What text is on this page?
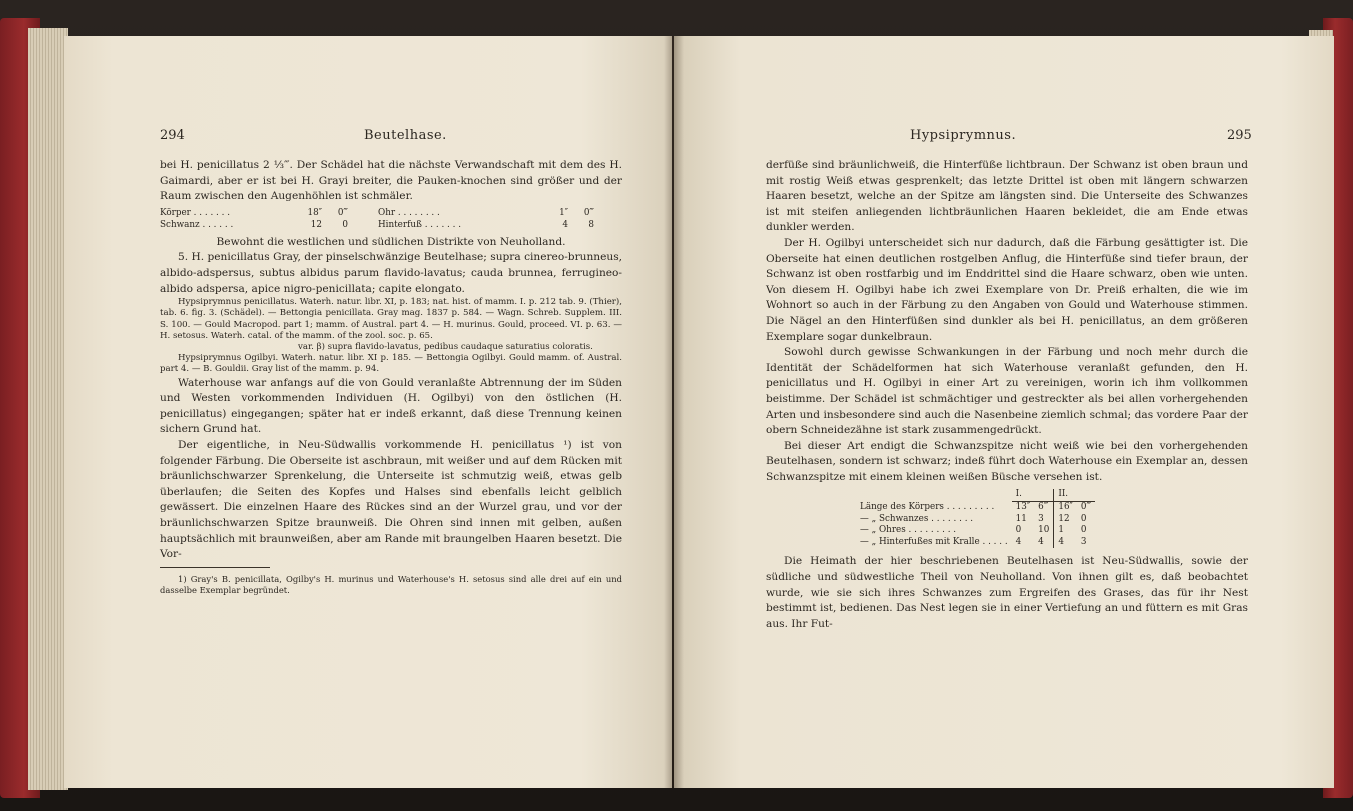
294	Beutelhase.

bei H. penicillatus 2 ⅓‴. Der Schädel hat die nächste Verwandschaft mit dem des H. Gaimardi, aber er ist bei H. Grayi breiter, die Pauken-knochen sind größer und der Raum zwischen den Augenhöhlen ist schmäler.

Körper . . . . . . .	18″	0‴	Ohr . . . . . . . .	1″	0‴
Schwanz . . . . . .	12	0	Hinterfuß . . . . . . .	4	8

Bewohnt die westlichen und südlichen Distrikte von Neuholland.

5. H. penicillatus Gray, der pinselschwänzige Beutelhase; supra cinereo-brunneus, albido-adspersus, subtus albidus parum flavido-lavatus; cauda brunnea, ferrugineo-albido adspersa, apice nigro-penicillata; capite elongato.

Hypsiprymnus penicillatus. Waterh. natur. libr. XI, p. 183; nat. hist. of mamm. I. p. 212 tab. 9. (Thier), tab. 6. fig. 3. (Schädel). — Bettongia penicillata. Gray mag. 1837 p. 584. — Wagn. Schreb. Supplem. III. S. 100. — Gould Macropod. part 1; mamm. of Austral. part 4. — H. murinus. Gould, proceed. VI. p. 63. — H. setosus. Waterh. catal. of the mamm. of the zool. soc. p. 65.

var. β) supra flavido-lavatus, pedibus caudaque saturatius coloratis.

Hypsiprymnus Ogilbyi. Waterh. natur. libr. XI p. 185. — Bettongia Ogilbyi. Gould mamm. of. Austral. part 4. — B. Gouldii. Gray list of the mamm. p. 94.

Waterhouse war anfangs auf die von Gould veranlaßte Abtrennung der im Süden und Westen vorkommenden Individuen (H. Ogilbyi) von den östlichen (H. penicillatus) eingegangen; später hat er indeß erkannt, daß diese Trennung keinen sichern Grund hat.

Der eigentliche, in Neu-Südwallis vorkommende H. penicillatus ¹) ist von folgender Färbung. Die Oberseite ist aschbraun, mit weißer und auf dem Rücken mit bräunlichschwarzer Sprenkelung, die Unterseite ist schmutzig weiß, etwas gelb überlaufen; die Seiten des Kopfes und Halses sind ebenfalls leicht gelblich gewässert. Die einzelnen Haare des Rückes sind an der Wurzel grau, und vor der bräunlichschwarzen Spitze braunweiß. Die Ohren sind innen mit gelben, außen hauptsächlich mit braunweißen, aber am Rande mit braungelben Haaren besetzt. Die Vor-

1) Gray's B. penicillata, Ogilby's H. murinus und Waterhouse's H. setosus sind alle drei auf ein und dasselbe Exemplar begründet.

Hypsiprymnus.	295

derfüße sind bräunlichweiß, die Hinterfüße lichtbraun. Der Schwanz ist oben braun und mit rostig Weiß etwas gesprenkelt; das letzte Drittel ist oben mit längern schwarzen Haaren besetzt, welche an der Spitze am längsten sind. Die Unterseite des Schwanzes ist mit steifen anliegenden lichtbräunlichen Haaren bekleidet, die am Ende etwas dunkler werden.

Der H. Ogilbyi unterscheidet sich nur dadurch, daß die Färbung gesättigter ist. Die Oberseite hat einen deutlichen rostgelben Anflug, die Hinterfüße sind tiefer braun, der Schwanz ist oben rostfarbig und im Enddrittel sind die Haare schwarz, oben wie unten. Von diesem H. Ogilbyi habe ich zwei Exemplare von Dr. Preiß erhalten, die wie im Wohnort so auch in der Färbung zu den Angaben von Gould und Waterhouse stimmen. Die Nägel an den Hinterfüßen sind dunkler als bei H. penicillatus, an dem größeren Exemplare sogar dunkelbraun.

Sowohl durch gewisse Schwankungen in der Färbung und noch mehr durch die Identität der Schädelformen hat sich Waterhouse veranlaßt gefunden, den H. penicillatus und H. Ogilbyi in einer Art zu vereinigen, worin ich ihm vollkommen beistimme. Der Schädel ist schmächtiger und gestreckter als bei allen vorhergehenden Arten und insbesondere sind auch die Nasenbeine ziemlich schmal; das vordere Paar der obern Schneidezähne ist stark zusammengedrückt.

Bei dieser Art endigt die Schwanzspitze nicht weiß wie bei den vorhergehenden Beutelhasen, sondern ist schwarz; indeß führt doch Waterhouse ein Exemplar an, dessen Schwanzspitze mit einem kleinen weißen Büsche versehen ist.

	I.		II.	
Länge des Körpers . . . . . . . . .	13″	6‴	16″	0‴
— „ Schwanzes . . . . . . . .	11	3	12	0
— „ Ohres . . . . . . . . .	0	10	1	0
— „ Hinterfußes mit Kralle . . . . .	4	4	4	3

Die Heimath der hier beschriebenen Beutelhasen ist Neu-Südwallis, sowie der südliche und südwestliche Theil von Neuholland. Von ihnen gilt es, daß beobachtet wurde, wie sie sich ihres Schwanzes zum Ergreifen des Grases, das für ihr Nest bestimmt ist, bedienen. Das Nest legen sie in einer Vertiefung an und füttern es mit Gras aus. Ihr Fut-
